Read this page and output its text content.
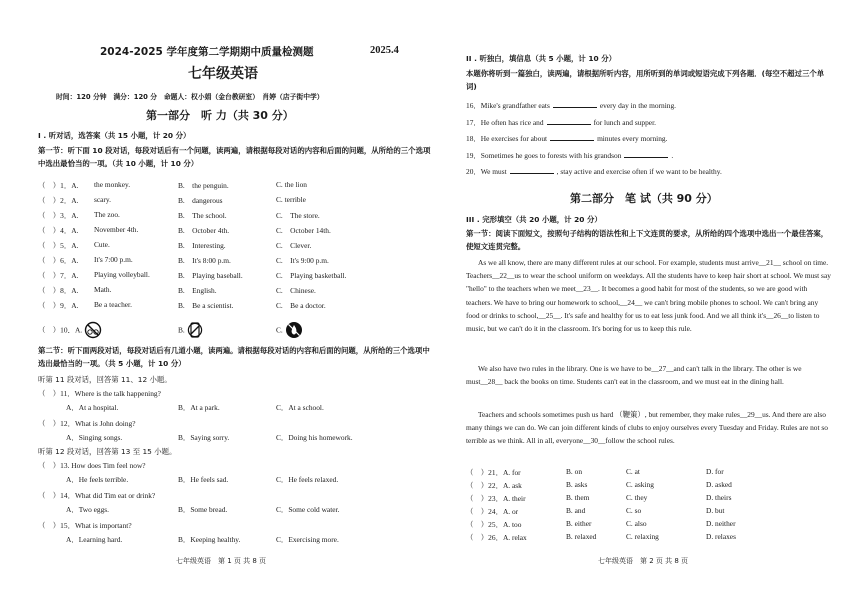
2024-2025 学年度第二学期期中质量检测题	2025.4
七年级英语
时间：120 分钟　满分：120 分　命题人：权小娟（金台教研室）　肖婷（店子街中学）
第一部分　听 力（共 30 分）
I . 听对话，选答案（共 15 小题，计 20 分）
第一节：听下面 10 段对话，每段对话后有一个问题，读两遍，请根据每段对话的内容和后面的问题，从所给的三个选项中选出最恰当的一项。（共 10 小题，计 10 分）
（　）1．A. the monkey.	B.　the penguin.	C. the lion
（　）2．A. scary.	B.　dangerous	C. terrible
（　）3．A. The zoo.	B.　The school.	C.　The store.
（　）4．A. November 4th.	B.　October 4th.	C.　October 14th.
（　）5．A. Cute.	B.　Interesting.	C.　Clever.
（　）6．A. It's 7:00 p.m.	B.　It's 8:00 p.m.	C.　It's 9:00 p.m.
（　）7．A. Playing volleyball.	B.　Playing baseball.	C.　Playing basketball.
（　）8．A. Math.	B.　English.	C.　Chinese.
（　）9．A. Be a teacher.	B.　Be a scientist.	C.　Be a doctor.
（　）10．A.	B.	C.
第二节：听下面两段对话，每段对话后有几道小题，读两遍。请根据每段对话的内容和后面的问题，从所给的三个选项中选出最恰当的一项。（共 5 小题，计 10 分）
听第 11 段对话，回答第 11、12 小题。
听第 12 段对话，回答第 13 至 15 小题。
（　）11．Where is the talk happening?
A．At a hospital.	B．At a park.	C．At a school.
（　）12．What is John doing?
A．Singing songs.	B．Saying sorry.	C．Doing his homework.
（　）13. How does Tim feel now?
A．He feels terrible.	B．He feels sad.	C．He feels relaxed.
（　）14．What did Tim eat or drink?
A．Two eggs.	B．Some bread.	C．Some cold water.
（　）15．What is important?
A．Learning hard.	B．Keeping healthy.	C．Exercising more.
七年级英语　第 1 页 共 8 页
II . 听独白，填信息（共 5 小题，计 10 分）
本题你将听到一篇独白，读两遍，请根据所听内容，用所听到的单词或短语完成下列各题．(每空不超过三个单词)
16．Mike's grandfather eats	every day in the morning.
17．He often has rice and	for lunch and supper.
18．He exercises for about	minutes every morning.
19．Sometimes he goes to forests with his grandson	.
20．We must	, stay active and exercise often if we want to be healthy.
第二部分　笔 试（共 90 分）
III . 完形填空（共 20 小题，计 20 分）
第一节：阅读下面短文，按照句子结构的语法性和上下文连贯的要求，从所给的四个选项中选出一个最佳答案，使短文连贯完整。
As we all know, there are many different rules at our school. For example, students must arrive__21__ school on time. Teachers__22__us to wear the school uniform on weekdays. All the students have to keep hair short at school. We must say "hello" to the teachers when we meet__23__. It becomes a good habit for most of the students, so we are good with teachers. We have to bring our homework to school,__24__ we can't bring mobile phones to school. We can't bring any food or drinks to school,__25__. It's safe and healthy for us to eat less junk food. And we all think it's__26__to listen to music, but we can't do it in the classroom. It's boring for us to keep this rule.
We also have two rules in the library. One is we have to be__27__and can't talk in the library. The other is we must__28__ back the books on time. Students can't eat in the classroom, and we must eat in the dining hall.
Teachers and schools sometimes push us hard （鞭策）, but remember, they make rules__29__us. And there are also many things we can do. We can join different kinds of clubs to enjoy ourselves every Tuesday and Friday. Rules are not so terrible as we think. All in all, everyone__30__follow the school rules.
（　）21．A. for	B. on	C. at	D. for
（　）22．A. ask	B. asks	C. asking	D. asked
（　）23．A. their	B. them	C. they	D. theirs
（　）24．A. or	B. and	C. so	D. but
（　）25．A. too	B. either	C. also	D. neither
（　）26．A. relax	B. relaxed	C. relaxing	D. relaxes
七年级英语　第 2 页 共 8 页
